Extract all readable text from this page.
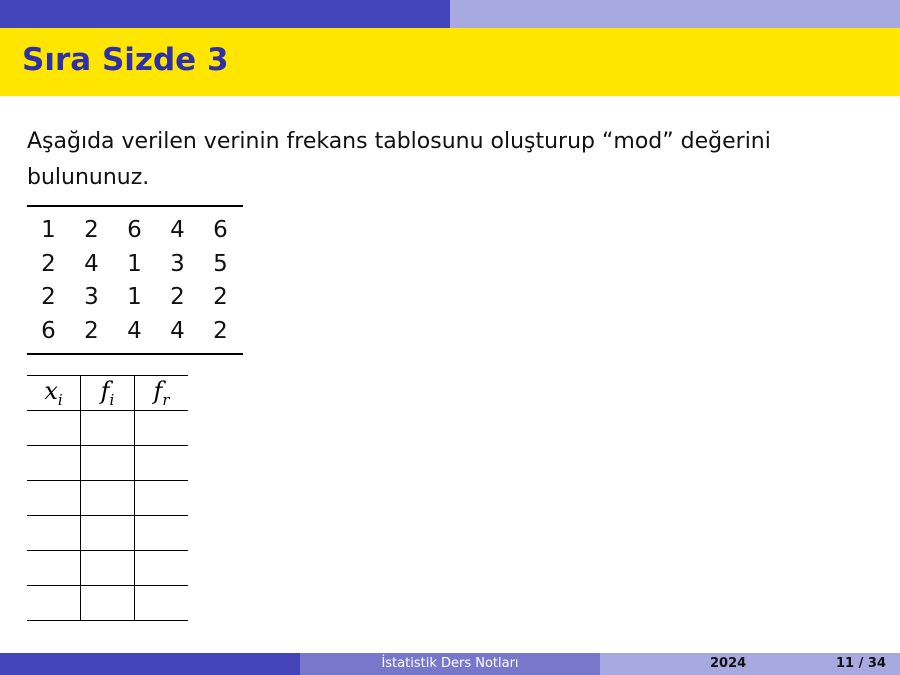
Sıra Sizde 3
Aşağıda verilen verinin frekans tablosunu oluşturup “mod” değerini bulununuz.
1	2	6	4	6
2	4	1	3	5
2	3	1	2	2
6	2	4	4	2
$x_i$	$f_i$	$f_r$

İstatistik Ders Notları	2024	11 / 34
